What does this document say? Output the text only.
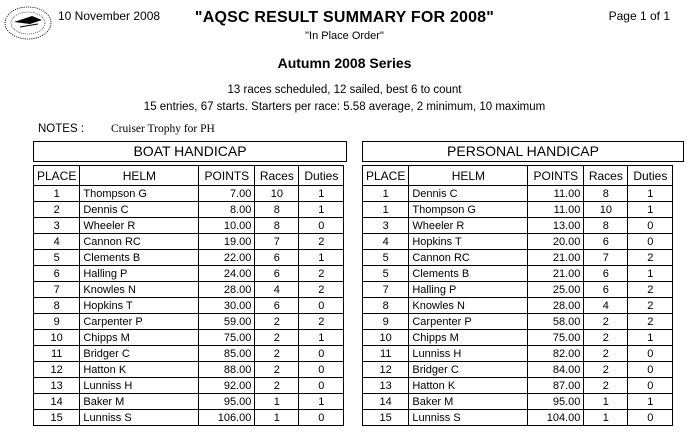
10 November 2008	"AQSC RESULT SUMMARY FOR 2008"	Page 1 of 1
"In Place Order"
Autumn 2008 Series
13 races scheduled, 12 sailed, best 6 to count
15 entries, 67 starts. Starters per race: 5.58 average, 2 minimum, 10 maximum
NOTES : Cruiser Trophy for PH
BOAT HANDICAP	PERSONAL HANDICAP
PLACE	HELM	POINTS	Races	Duties
1	Thompson G	7.00	10	1
2	Dennis C	8.00	8	1
3	Wheeler R	10.00	8	0
4	Cannon RC	19.00	7	2
5	Clements B	22.00	6	1
6	Halling P	24.00	6	2
7	Knowles N	28.00	4	2
8	Hopkins T	30.00	6	0
9	Carpenter P	59.00	2	2
10	Chipps M	75.00	2	1
11	Bridger C	85.00	2	0
12	Hatton K	88.00	2	0
13	Lunniss H	92.00	2	0
14	Baker M	95.00	1	1
15	Lunniss S	106.00	1	0
PLACE	HELM	POINTS	Races	Duties
1	Dennis C	11.00	8	1
1	Thompson G	11.00	10	1
3	Wheeler R	13.00	8	0
4	Hopkins T	20.00	6	0
5	Cannon RC	21.00	7	2
5	Clements B	21.00	6	1
7	Halling P	25.00	6	2
8	Knowles N	28.00	4	2
9	Carpenter P	58.00	2	2
10	Chipps M	75.00	2	1
11	Lunniss H	82.00	2	0
12	Bridger C	84.00	2	0
13	Hatton K	87.00	2	0
14	Baker M	95.00	1	1
15	Lunniss S	104.00	1	0
